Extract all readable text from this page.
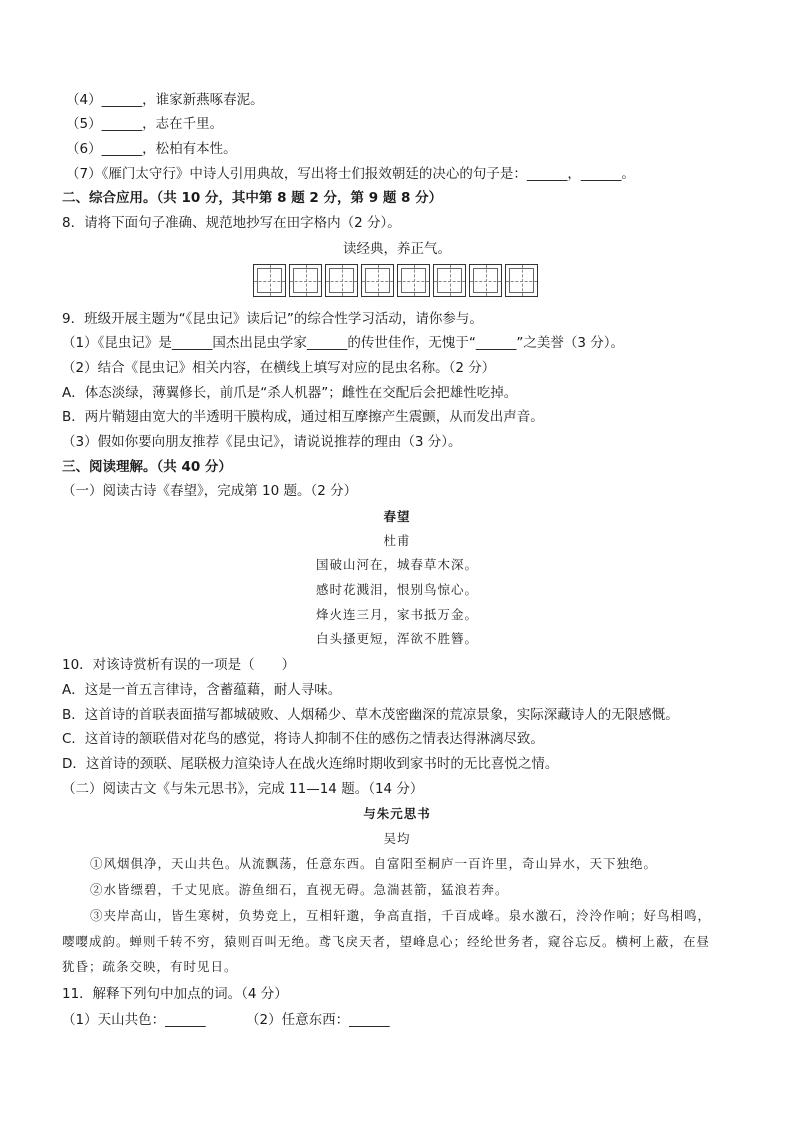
（4）______，谁家新燕啄春泥。
（5）______，志在千里。
（6）______，松柏有本性。
（7）《雁门太守行》中诗人引用典故，写出将士们报效朝廷的决心的句子是：______，______。
二、综合应用。（共 10 分，其中第 8 题 2 分，第 9 题 8 分）
8．请将下面句子准确、规范地抄写在田字格内（2 分）。
读经典，养正气。
9．班级开展主题为“《昆虫记》读后记”的综合性学习活动，请你参与。
（1）《昆虫记》是______国杰出昆虫学家______的传世佳作，无愧于“______”之美誉（3 分）。
（2）结合《昆虫记》相关内容，在横线上填写对应的昆虫名称。（2 分）
A．体态淡绿，薄翼修长，前爪是“杀人机器”；雌性在交配后会把雄性吃掉。
B．两片鞘翅由宽大的半透明干膜构成，通过相互摩擦产生震颤，从而发出声音。
（3）假如你要向朋友推荐《昆虫记》，请说说推荐的理由（3 分）。
三、阅读理解。（共 40 分）
（一）阅读古诗《春望》，完成第 10 题。（2 分）
春望
杜甫
国破山河在，城春草木深。
感时花溅泪，恨别鸟惊心。
烽火连三月，家书抵万金。
白头搔更短，浑欲不胜簪。
10．对该诗赏析有误的一项是（　　）
A．这是一首五言律诗，含蓄蕴藉，耐人寻味。
B．这首诗的首联表面描写都城破败、人烟稀少、草木茂密幽深的荒凉景象，实际深藏诗人的无限感慨。
C．这首诗的颔联借对花鸟的感觉，将诗人抑制不住的感伤之情表达得淋漓尽致。
D．这首诗的颈联、尾联极力渲染诗人在战火连绵时期收到家书时的无比喜悦之情。
（二）阅读古文《与朱元思书》，完成 11—14 题。（14 分）
与朱元思书
吴均
①风烟俱净，天山共色。从流飘荡，任意东西。自富阳至桐庐一百许里，奇山异水，天下独绝。
②水皆缥碧，千丈见底。游鱼细石，直视无碍。急湍甚箭，猛浪若奔。
③夹岸高山，皆生寒树，负势竞上，互相轩邈，争高直指，千百成峰。泉水激石，泠泠作响；好鸟相鸣，
嘤嘤成韵。蝉则千转不穷，猿则百叫无绝。鸢飞戾天者，望峰息心；经纶世务者，窥谷忘反。横柯上蔽，在昼
犹昏；疏条交映，有时见日。
11．解释下列句中加点的词。（4 分）
（1）天山共色：______	（2）任意东西：______
